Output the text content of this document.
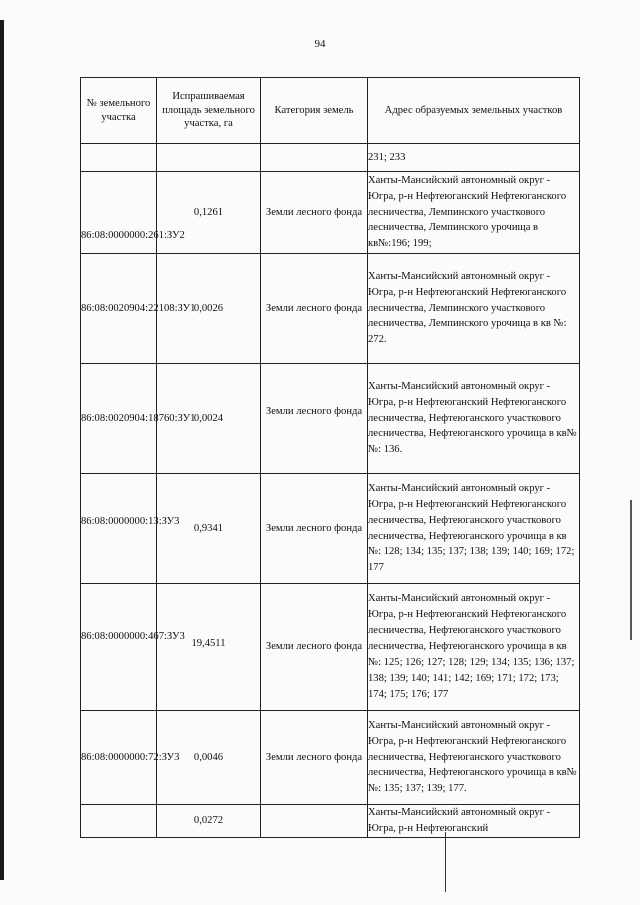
94
№ земельного участка	Испрашиваемая площадь земельного участка, га	Категория земель	Адрес образуемых земельных участков
			231; 233
86:08:0000000:261:ЗУ2	0,1261	Земли лесного фонда	Ханты-Мансийский автономный округ - Югра, р-н Нефтеюганский Нефтеюганского лесничества, Лемпинского участкового лесничества, Лемпинского урочища в кв№:196; 199;
86:08:0020904:22108:ЗУ1	0,0026	Земли лесного фонда	Ханты-Мансийский автономный округ - Югра, р-н Нефтеюганский Нефтеюганского лесничества, Лемпинского участкового лесничества, Лемпинского урочища в кв №: 272.
86:08:0020904:18760:ЗУ1	0,0024	Земли лесного фонда	Ханты-Мансийский автономный округ - Югра, р-н Нефтеюганский Нефтеюганского лесничества, Нефтеюганского участкового лесничества, Нефтеюганского урочища в кв№№: 136.
86:08:0000000:13:ЗУ3	0,9341	Земли лесного фонда	Ханты-Мансийский автономный округ - Югра, р-н Нефтеюганский Нефтеюганского лесничества, Нефтеюганского участкового лесничества, Нефтеюганского урочища в кв №: 128; 134; 135; 137; 138; 139; 140; 169; 172; 177
86:08:0000000:467:ЗУ3	19,4511	Земли лесного фонда	Ханты-Мансийский автономный округ - Югра, р-н Нефтеюганский Нефтеюганского лесничества, Нефтеюганского участкового лесничества, Нефтеюганского урочища в кв №: 125; 126; 127; 128; 129; 134; 135; 136; 137; 138; 139; 140; 141; 142; 169; 171; 172; 173; 174; 175; 176; 177
86:08:0000000:72:ЗУ3	0,0046	Земли лесного фонда	Ханты-Мансийский автономный округ - Югра, р-н Нефтеюганский Нефтеюганского лесничества, Нефтеюганского участкового лесничества, Нефтеюганского урочища в кв№№: 135; 137; 139; 177.
	0,0272		Ханты-Мансийский автономный округ - Югра, р-н Нефтеюганский
